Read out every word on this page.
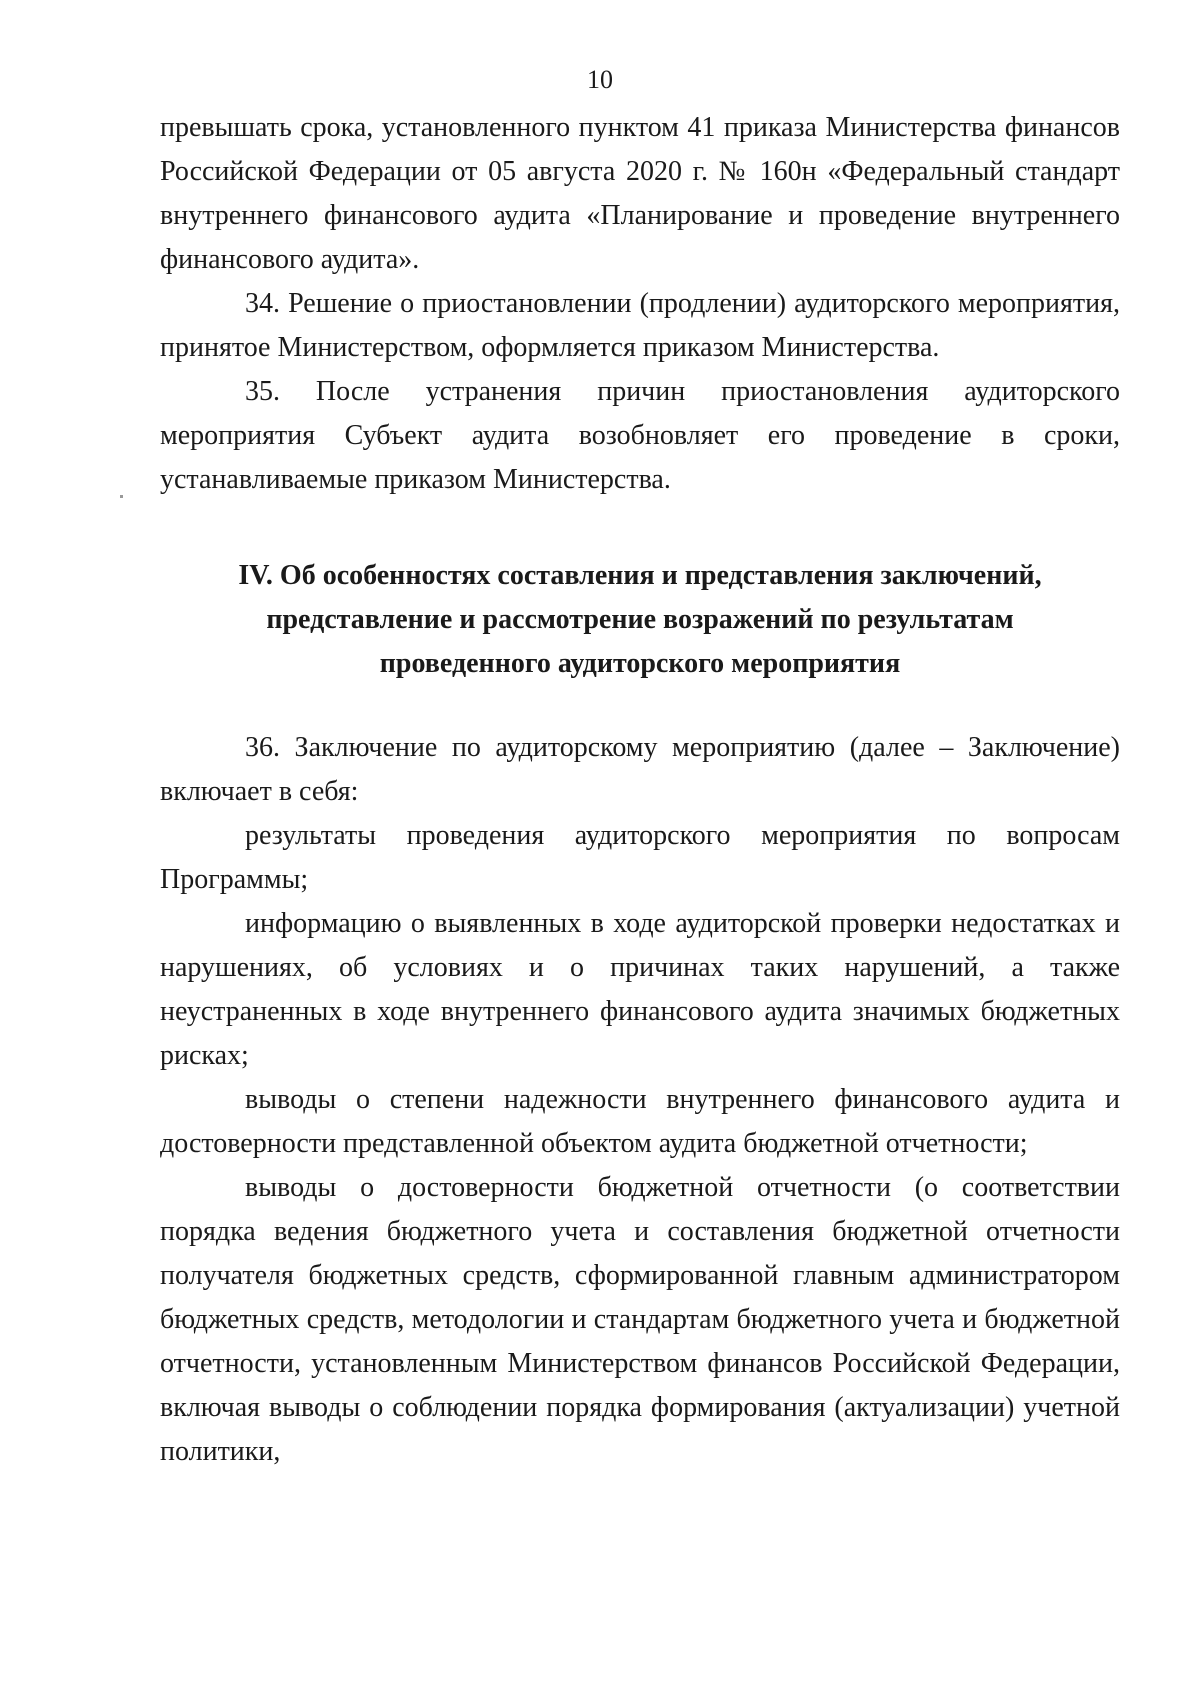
10

превышать срока, установленного пунктом 41 приказа Министерства финансов Российской Федерации от 05 августа 2020 г. № 160н «Федеральный стандарт внутреннего финансового аудита «Планирование и проведение внутреннего финансового аудита».

34. Решение о приостановлении (продлении) аудиторского мероприятия, принятое Министерством, оформляется приказом Министерства.

35. После устранения причин приостановления аудиторского мероприятия Субъект аудита возобновляет его проведение в сроки, устанавливаемые приказом Министерства.

IV. Об особенностях составления и представления заключений,
представление и рассмотрение возражений по результатам
проведенного аудиторского мероприятия

36. Заключение по аудиторскому мероприятию (далее – Заключение) включает в себя:

результаты проведения аудиторского мероприятия по вопросам Программы;

информацию о выявленных в ходе аудиторской проверки недостатках и нарушениях, об условиях и о причинах таких нарушений, а также неустраненных в ходе внутреннего финансового аудита значимых бюджетных рисках;

выводы о степени надежности внутреннего финансового аудита и достоверности представленной объектом аудита бюджетной отчетности;

выводы о достоверности бюджетной отчетности (о соответствии порядка ведения бюджетного учета и составления бюджетной отчетности получателя бюджетных средств, сформированной главным администратором бюджетных средств, методологии и стандартам бюджетного учета и бюджетной отчетности, установленным Министерством финансов Российской Федерации, включая выводы о соблюдении порядка формирования (актуализации) учетной политики,
